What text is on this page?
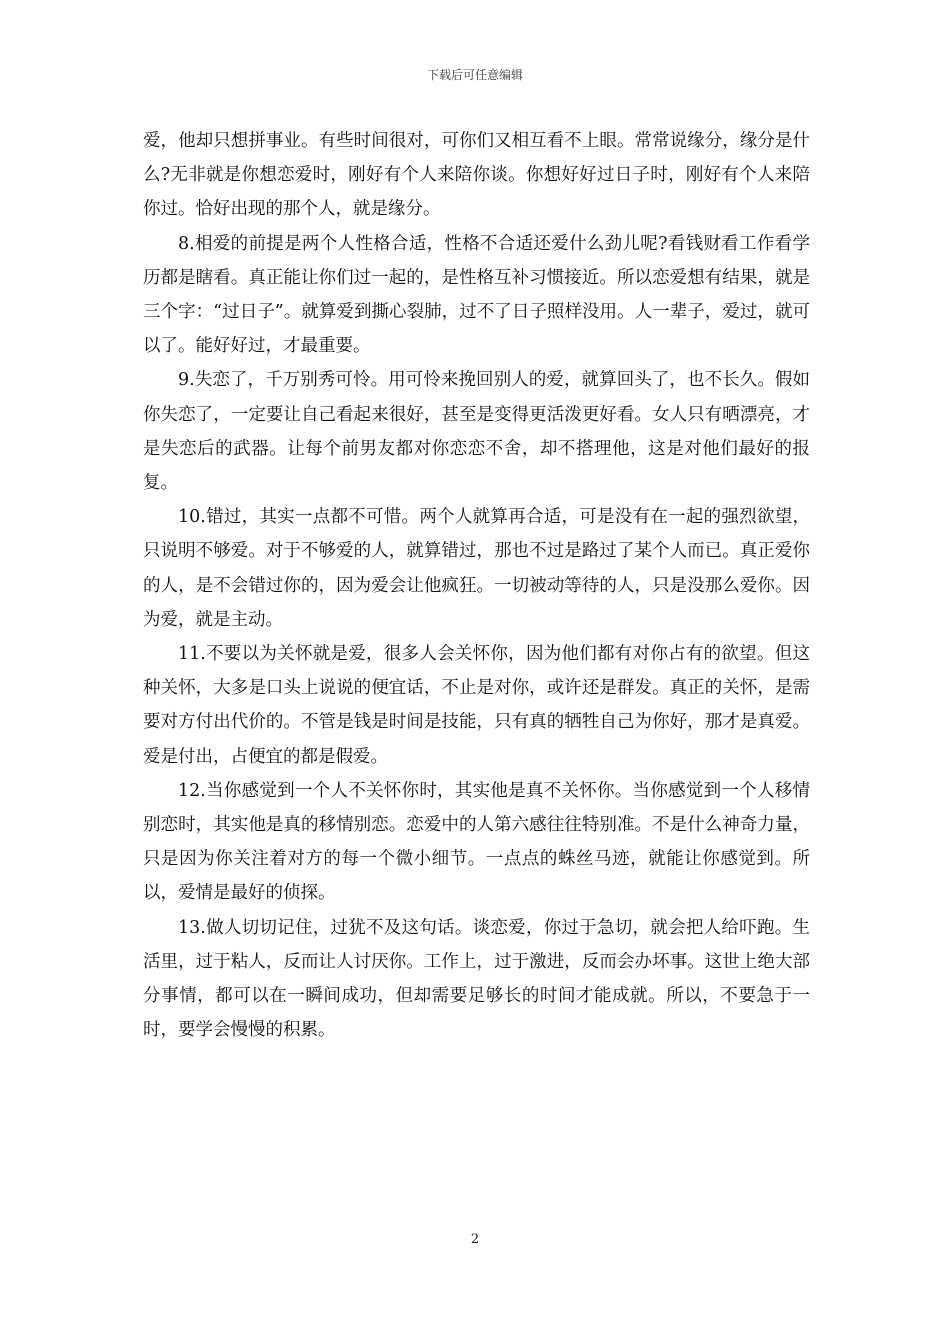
下载后可任意编辑

爱，他却只想拼事业。有些时间很对，可你们又相互看不上眼。常常说缘分，缘分是什么?无非就是你想恋爱时，刚好有个人来陪你谈。你想好好过日子时，刚好有个人来陪你过。恰好出现的那个人，就是缘分。

8.相爱的前提是两个人性格合适，性格不合适还爱什么劲儿呢?看钱财看工作看学历都是瞎看。真正能让你们过一起的，是性格互补习惯接近。所以恋爱想有结果，就是三个字：“过日子”。就算爱到撕心裂肺，过不了日子照样没用。人一辈子，爱过，就可以了。能好好过，才最重要。

9.失恋了，千万别秀可怜。用可怜来挽回别人的爱，就算回头了，也不长久。假如你失恋了，一定要让自己看起来很好，甚至是变得更活泼更好看。女人只有晒漂亮，才是失恋后的武器。让每个前男友都对你恋恋不舍，却不搭理他，这是对他们最好的报复。

10.错过，其实一点都不可惜。两个人就算再合适，可是没有在一起的强烈欲望，只说明不够爱。对于不够爱的人，就算错过，那也不过是路过了某个人而已。真正爱你的人，是不会错过你的，因为爱会让他疯狂。一切被动等待的人，只是没那么爱你。因为爱，就是主动。

11.不要以为关怀就是爱，很多人会关怀你，因为他们都有对你占有的欲望。但这种关怀，大多是口头上说说的便宜话，不止是对你，或许还是群发。真正的关怀，是需要对方付出代价的。不管是钱是时间是技能，只有真的牺牲自己为你好，那才是真爱。爱是付出，占便宜的都是假爱。

12.当你感觉到一个人不关怀你时，其实他是真不关怀你。当你感觉到一个人移情别恋时，其实他是真的移情别恋。恋爱中的人第六感往往特别准。不是什么神奇力量，只是因为你关注着对方的每一个微小细节。一点点的蛛丝马迹，就能让你感觉到。所以，爱情是最好的侦探。

13.做人切切记住，过犹不及这句话。谈恋爱，你过于急切，就会把人给吓跑。生活里，过于粘人，反而让人讨厌你。工作上，过于激进，反而会办坏事。这世上绝大部分事情，都可以在一瞬间成功，但却需要足够长的时间才能成就。所以，不要急于一时，要学会慢慢的积累。

2
